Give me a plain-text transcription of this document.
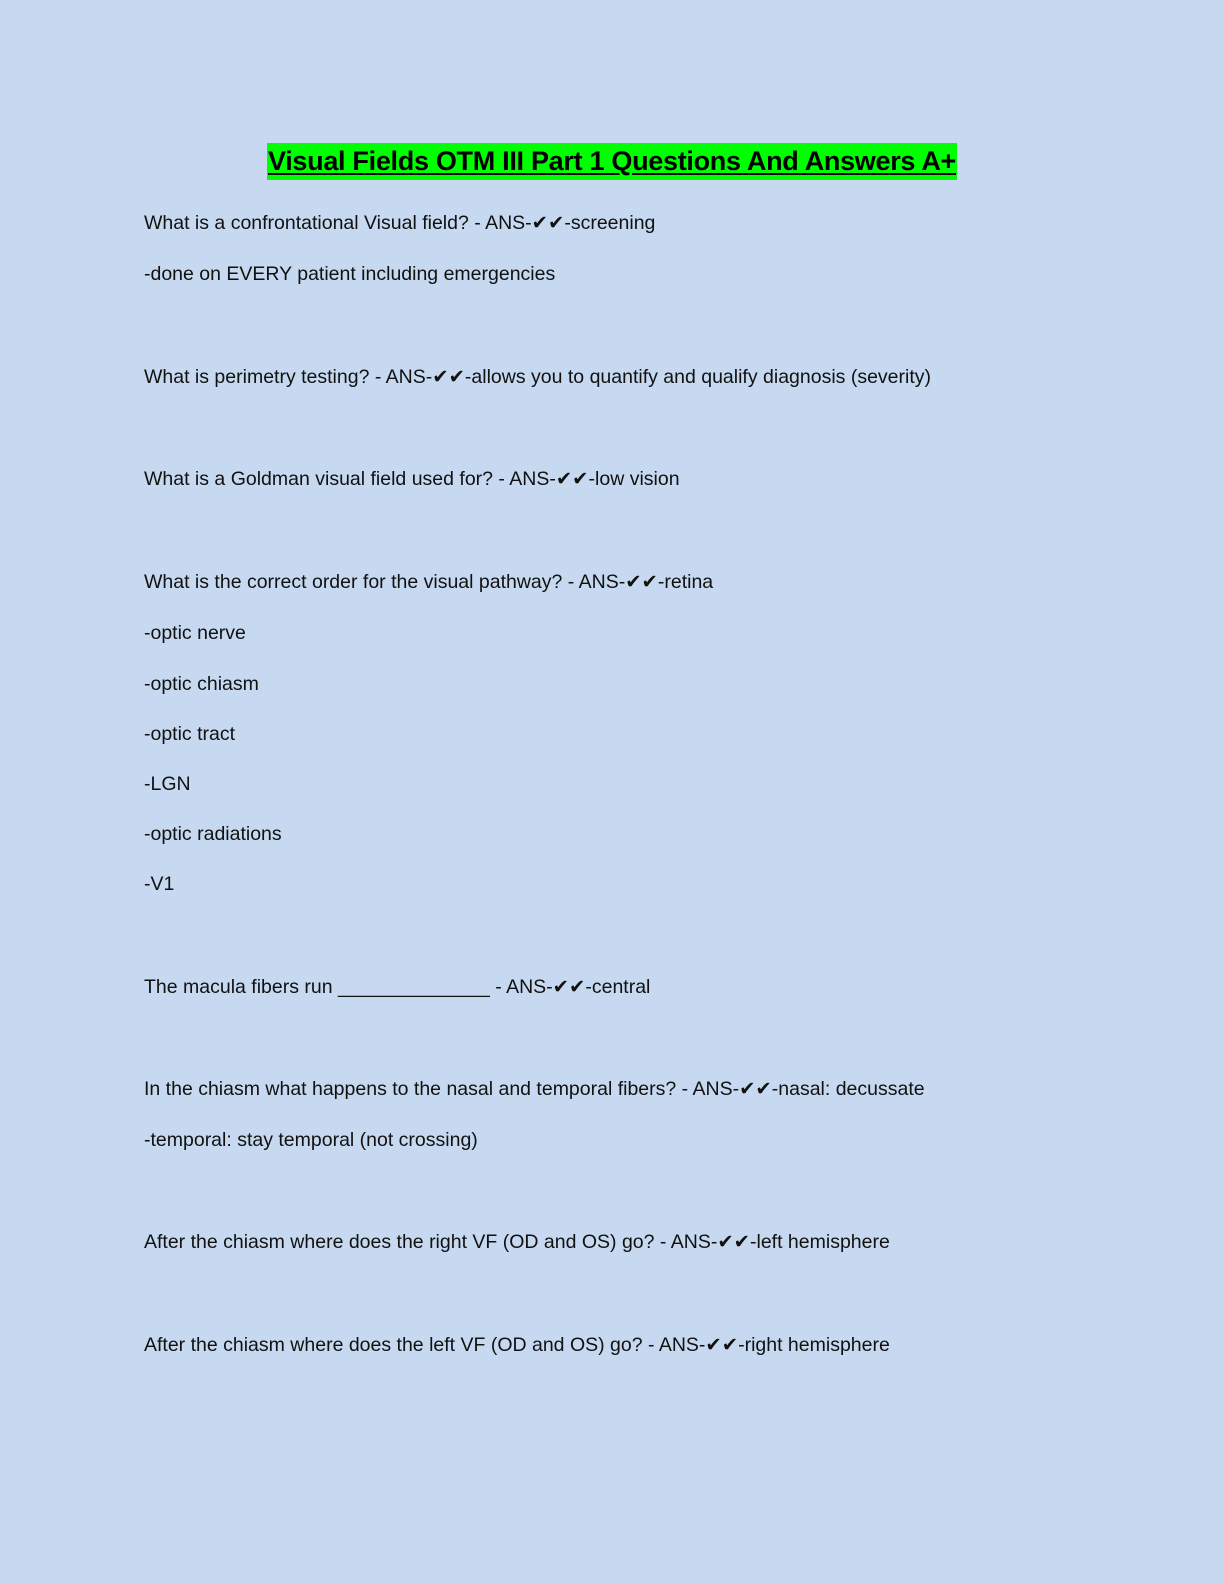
Visual Fields OTM III Part 1 Questions And Answers A+
What is a confrontational Visual field? - ANS-✔✔-screening
-done on EVERY patient including emergencies
What is perimetry testing? - ANS-✔✔-allows you to quantify and qualify diagnosis (severity)
What is a Goldman visual field used for? - ANS-✔✔-low vision
What is the correct order for the visual pathway? - ANS-✔✔-retina
-optic nerve
-optic chiasm
-optic tract
-LGN
-optic radiations
-V1
The macula fibers run ______________ - ANS-✔✔-central
In the chiasm what happens to the nasal and temporal fibers? - ANS-✔✔-nasal: decussate
-temporal: stay temporal (not crossing)
After the chiasm where does the right VF (OD and OS) go? - ANS-✔✔-left hemisphere
After the chiasm where does the left VF (OD and OS) go? - ANS-✔✔-right hemisphere
